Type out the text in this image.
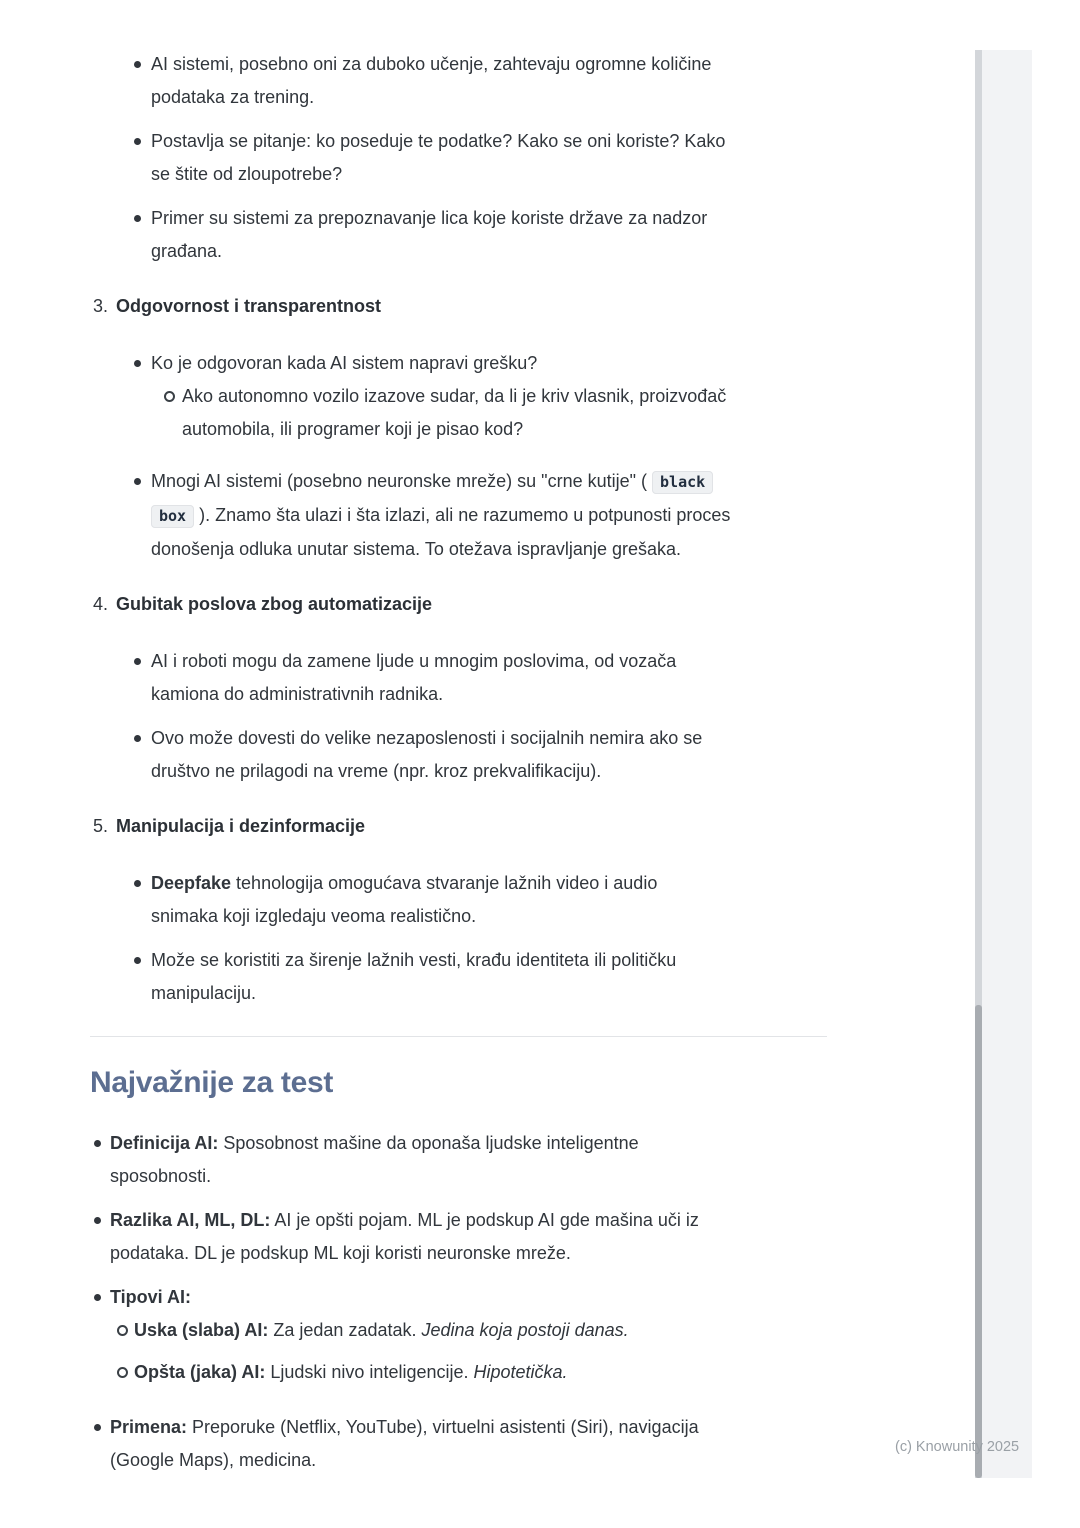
AI sistemi, posebno oni za duboko učenje, zahtevaju ogromne količine
podataka za trening.
Postavlja se pitanje: ko poseduje te podatke? Kako se oni koriste? Kako
se štite od zloupotrebe?
Primer su sistemi za prepoznavanje lica koje koriste države za nadzor
građana.
3. Odgovornost i transparentnost
Ko je odgovoran kada AI sistem napravi grešku?
Ako autonomno vozilo izazove sudar, da li je kriv vlasnik, proizvođač
automobila, ili programer koji je pisao kod?
Mnogi AI sistemi (posebno neuronske mreže) su "crne kutije" ( black
box ). Znamo šta ulazi i šta izlazi, ali ne razumemo u potpunosti proces
donošenja odluka unutar sistema. To otežava ispravljanje grešaka.
4. Gubitak poslova zbog automatizacije
AI i roboti mogu da zamene ljude u mnogim poslovima, od vozača
kamiona do administrativnih radnika.
Ovo može dovesti do velike nezaposlenosti i socijalnih nemira ako se
društvo ne prilagodi na vreme (npr. kroz prekvalifikaciju).
5. Manipulacija i dezinformacije
Deepfake tehnologija omogućava stvaranje lažnih video i audio
snimaka koji izgledaju veoma realistično.
Može se koristiti za širenje lažnih vesti, krađu identiteta ili političku
manipulaciju.
Najvažnije za test
Definicija AI: Sposobnost mašine da oponaša ljudske inteligentne
sposobnosti.
Razlika AI, ML, DL: AI je opšti pojam. ML je podskup AI gde mašina uči iz
podataka. DL je podskup ML koji koristi neuronske mreže.
Tipovi AI:
Uska (slaba) AI: Za jedan zadatak. Jedina koja postoji danas.
Opšta (jaka) AI: Ljudski nivo inteligencije. Hipotetička.
Primena: Preporuke (Netflix, YouTube), virtuelni asistenti (Siri), navigacija
(Google Maps), medicina.
(c) Knowunity 2025
